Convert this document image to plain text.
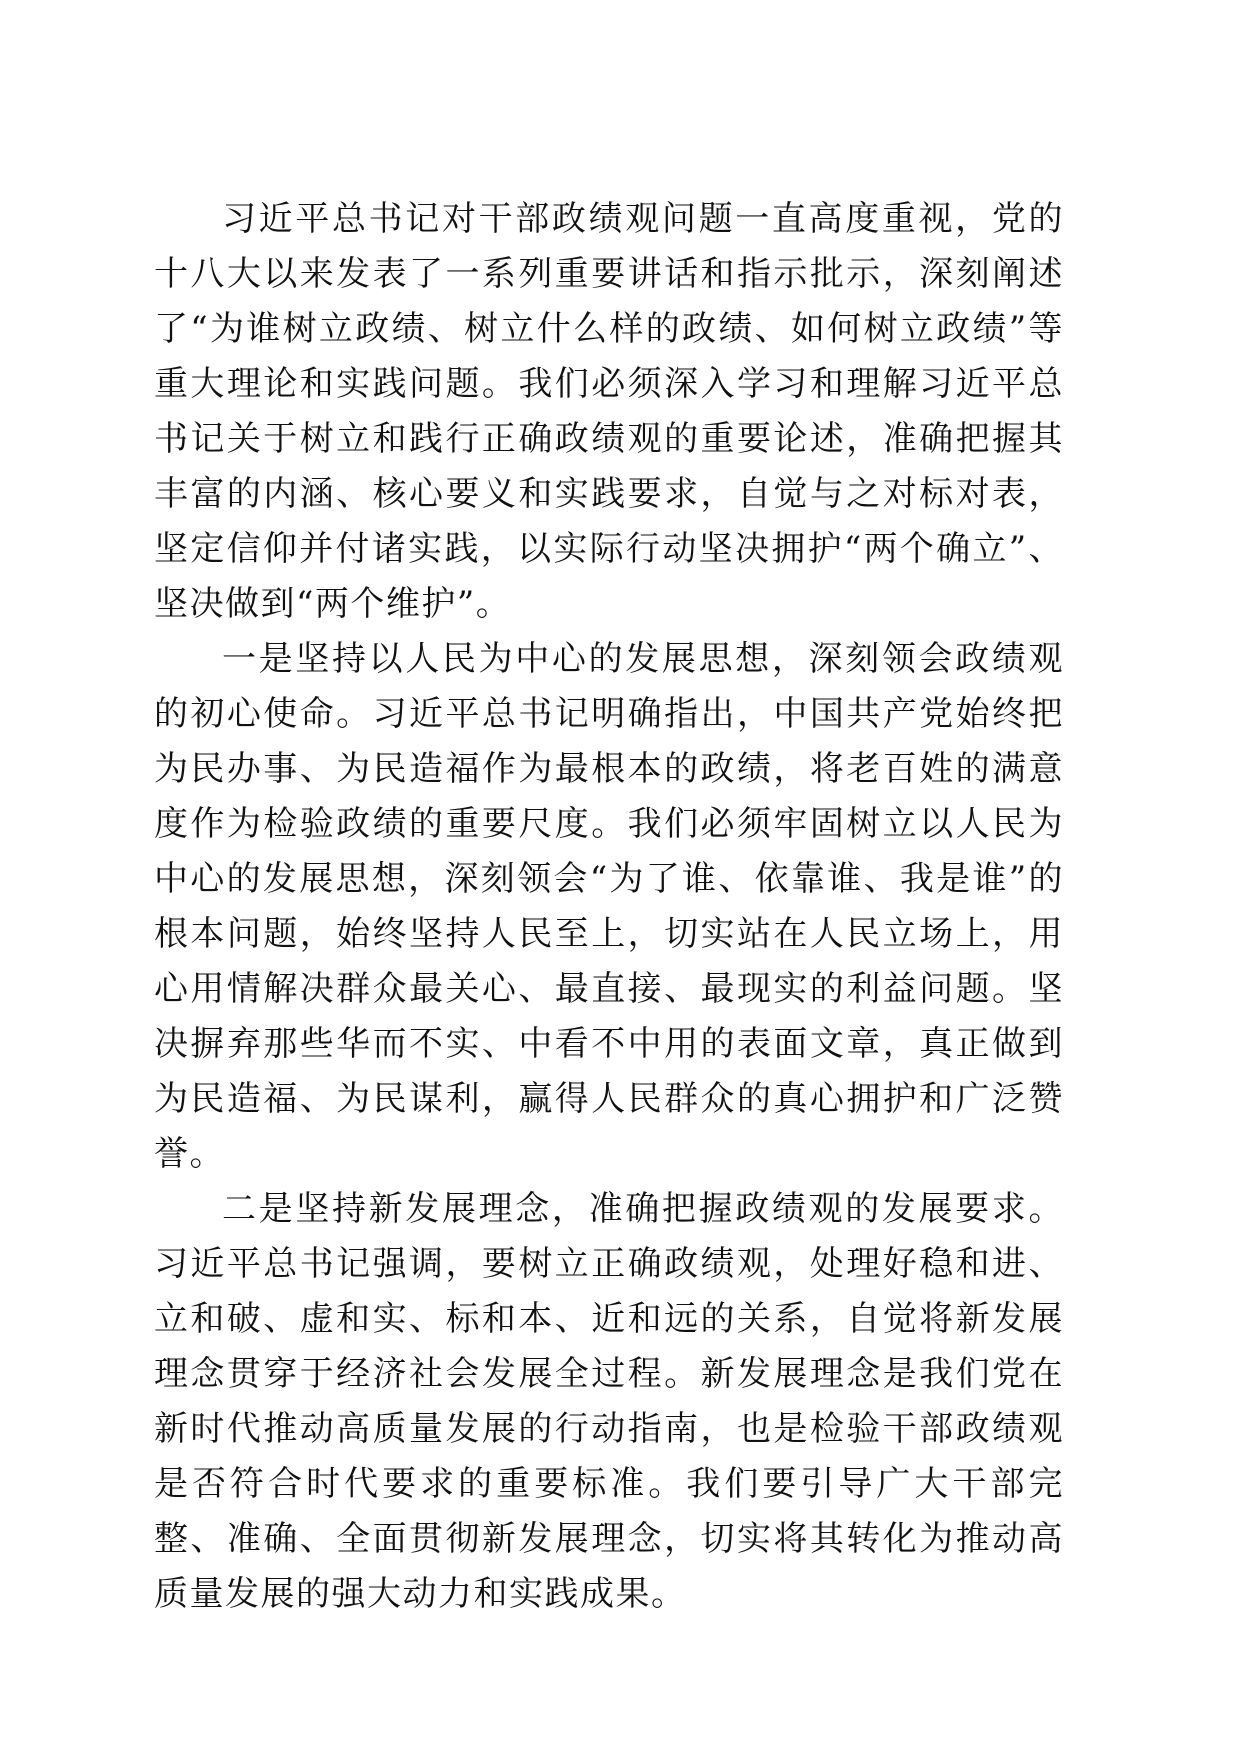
习近平总书记对干部政绩观问题一直高度重视，党的十八大以来发表了一系列重要讲话和指示批示，深刻阐述了“为谁树立政绩、树立什么样的政绩、如何树立政绩”等重大理论和实践问题。我们必须深入学习和理解习近平总书记关于树立和践行正确政绩观的重要论述，准确把握其丰富的内涵、核心要义和实践要求，自觉与之对标对表，坚定信仰并付诸实践，以实际行动坚决拥护“两个确立”、坚决做到“两个维护”。

一是坚持以人民为中心的发展思想，深刻领会政绩观的初心使命。习近平总书记明确指出，中国共产党始终把为民办事、为民造福作为最根本的政绩，将老百姓的满意度作为检验政绩的重要尺度。我们必须牢固树立以人民为中心的发展思想，深刻领会“为了谁、依靠谁、我是谁”的根本问题，始终坚持人民至上，切实站在人民立场上，用心用情解决群众最关心、最直接、最现实的利益问题。坚决摒弃那些华而不实、中看不中用的表面文章，真正做到为民造福、为民谋利，赢得人民群众的真心拥护和广泛赞誉。

二是坚持新发展理念，准确把握政绩观的发展要求。习近平总书记强调，要树立正确政绩观，处理好稳和进、立和破、虚和实、标和本、近和远的关系，自觉将新发展理念贯穿于经济社会发展全过程。新发展理念是我们党在新时代推动高质量发展的行动指南，也是检验干部政绩观是否符合时代要求的重要标准。我们要引导广大干部完整、准确、全面贯彻新发展理念，切实将其转化为推动高质量发展的强大动力和实践成果。
